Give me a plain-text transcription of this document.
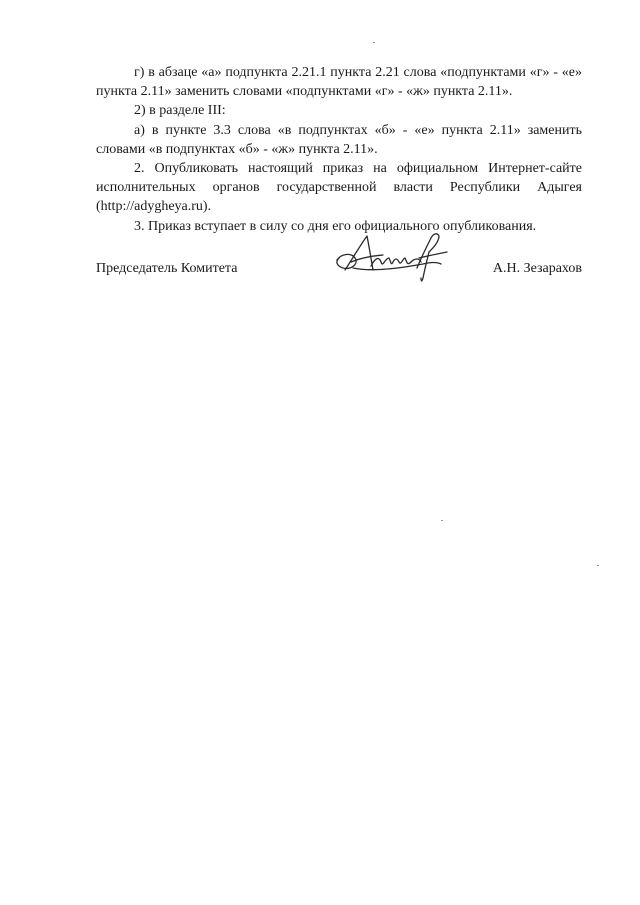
г) в абзаце «а» подпункта 2.21.1 пункта 2.21 слова «подпунктами «г» - «е» пункта 2.11» заменить словами «подпунктами «г» - «ж» пункта 2.11».

2) в разделе III:

а) в пункте 3.3 слова «в подпунктах «б» - «е» пункта 2.11» заменить словами «в подпунктах «б» - «ж» пункта 2.11».

2. Опубликовать настоящий приказ на официальном Интернет-сайте исполнительных органов государственной власти Республики Адыгея (http://adygheya.ru).

3. Приказ вступает в силу со дня его официального опубликования.

Председатель Комитета	А.Н. Зезарахов
